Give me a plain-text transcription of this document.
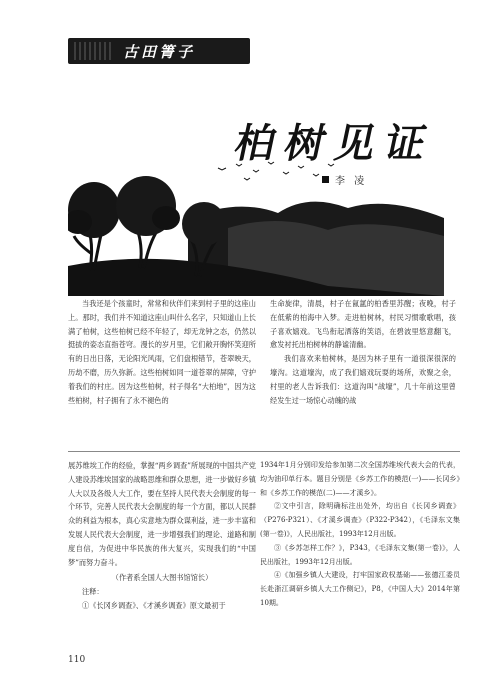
古田箐子
柏树见证
李 凌

当我还是个孩童时，常常和伙伴们来到村子里的这座山上。那时，我们并不知道这座山叫什么名字，只知道山上长满了柏树，这些柏树已经不年轻了，却无龙钟之态，仍然以挺拔的姿态直指苍穹。漫长的岁月里，它们敞开胸怀笑迎所有的日出日落，无论阳光风雨，它们盘根错节，苍翠映天，历劫不磨，历久弥新。这些柏树如同一道苍翠的屏障，守护着我们的村庄。因为这些柏树，村子得名“大柏地”，因为这些柏树，村子拥有了永不褪色的

生命旋律，清晨，村子在氤氲的柏香里苏醒；夜晚，村子在低紫的柏海中入梦。走进柏树林，村民习惯歌歌唱，孩子喜欢嬉戏。飞鸟衔起洒落的笑语，在碧波里悠意翻飞，愈发衬托出柏树林的静谧清幽。

我们喜欢来柏树林，是因为林子里有一道很深很深的壕沟。这道壕沟，成了我们嬉戏玩耍的场所，欢聚之余，村里的老人告诉我们：这道沟叫“战壕”，几十年前这里曾经发生过一场惊心动魄的战

展苏维埃工作的经验，掌握“两乡调查”所展现的中国共产党人建设苏维埃国家的战略思维和群众思想，进一步做好乡镇人大以及各级人大工作，要在坚持人民代表大会制度的每一个环节，完善人民代表大会制度的每一个方面，都以人民群众的利益为根本，真心实意地为群众谋利益，进一步丰富和发展人民代表大会制度，进一步增强我们的理论、道路和制度自信，为促进中华民族的伟大复兴，实现我们的“中国梦”而努力奋斗。

（作者系全国人大图书馆馆长）

注释：

①《长冈乡调查》、《才溪乡调查》原文最初于

1934年1月分别印发给参加第二次全国苏维埃代表大会的代表，均为油印单行本。题目分别是《乡苏工作的模范(一)——长冈乡》和《乡苏工作的模范(二)——才溪乡》。

②文中引言，除明确标注出处外，均出自《长冈乡调查》（P276-P321）、《才溪乡调查》（P322-P342），《毛泽东文集(第一卷)》，人民出版社，1993年12月出版。

③《乡苏怎样工作？》，P343，《毛泽东文集(第一卷)》，人民出版社，1993年12月出版。

④《加强乡镇人大建设，打牢国家政权基础——张德江委员长赴浙江调研乡镇人大工作侧记》，P8，《中国人大》2014年第10期。

110
